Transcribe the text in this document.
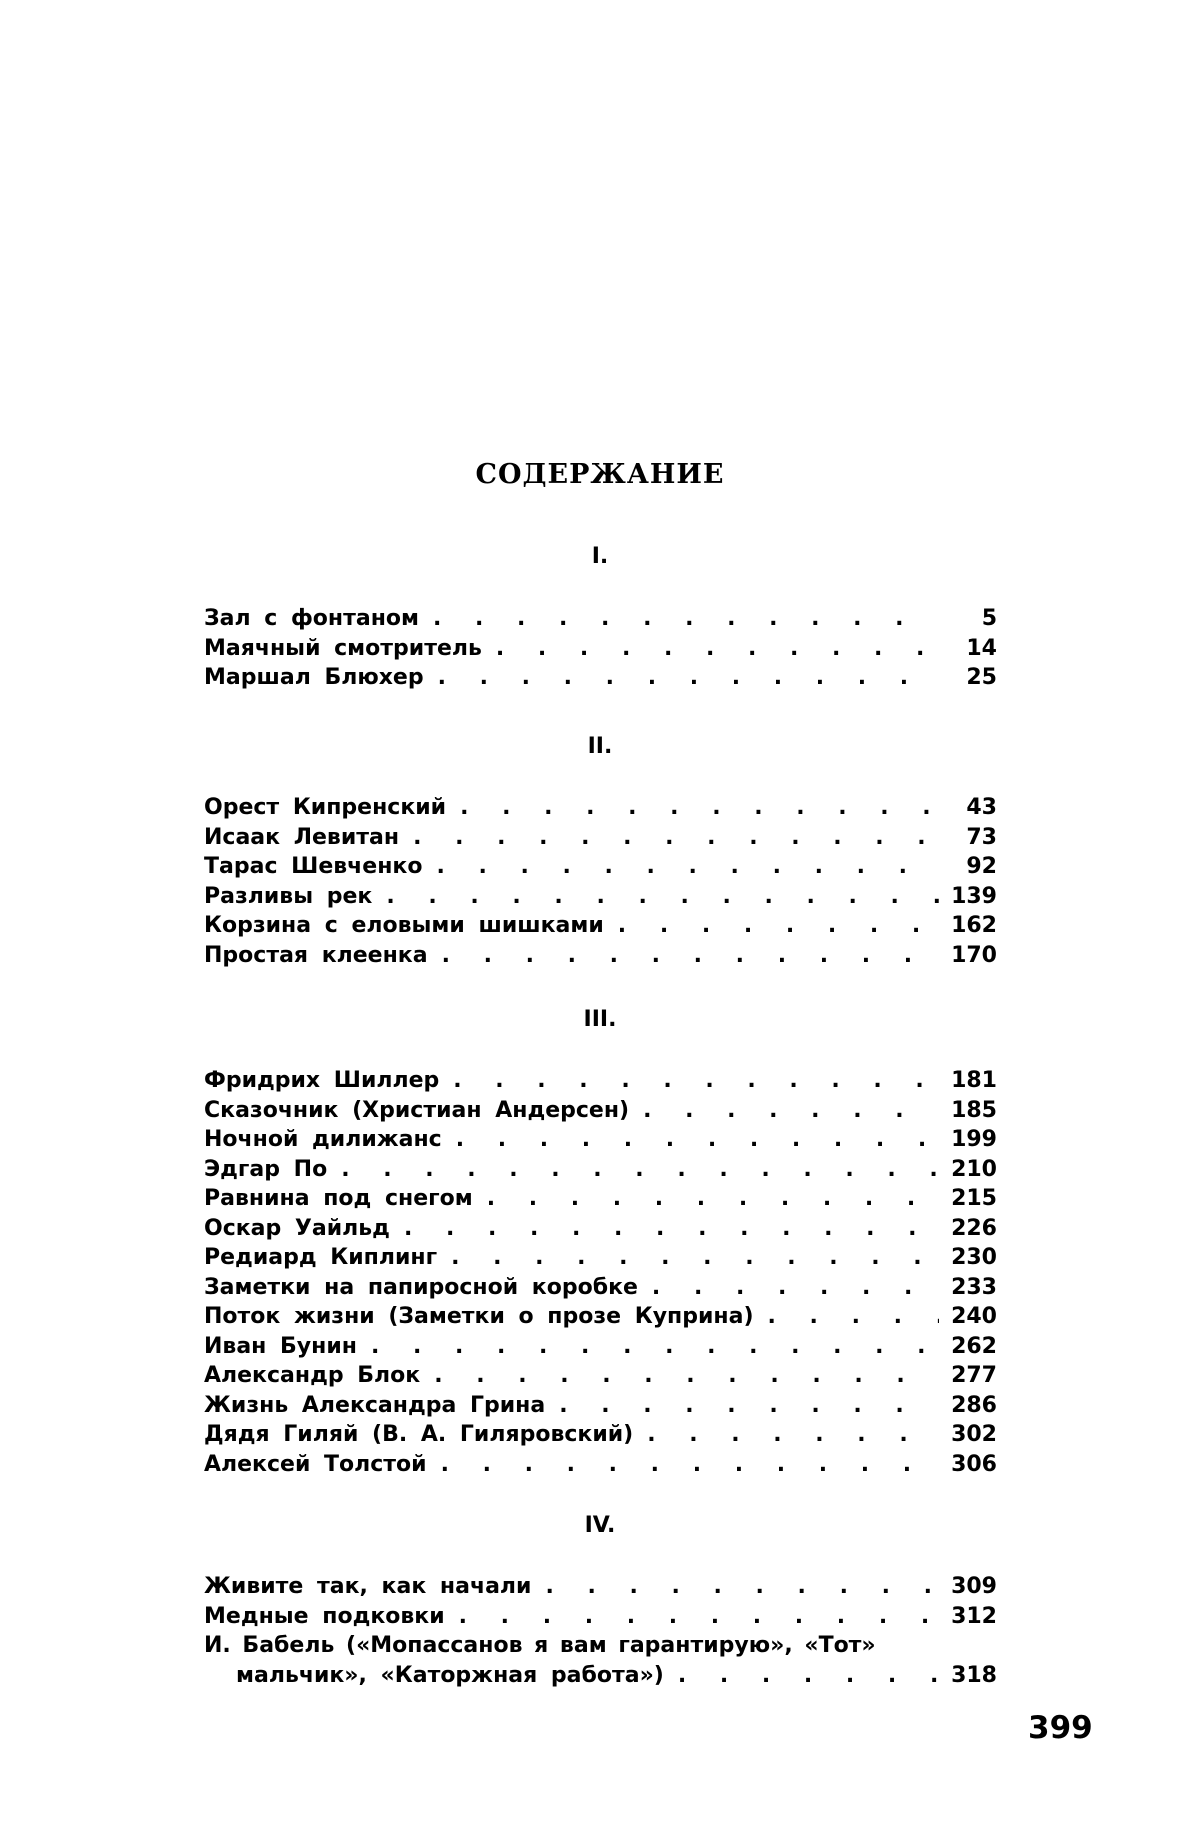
СОДЕРЖАНИЕ
I.
Зал с фонтаном . . .	5
Маячный смотритель . . .	14
Маршал Блюхер . . .	25
II.
Орест Кипренский . . .	43
Исаак Левитан . . .	73
Тарас Шевченко . . .	92
Разливы рек . . .	139
Корзина с еловыми шишками . . .	162
Простая клеенка . . .	170
III.
Фридрих Шиллер . . .	181
Сказочник (Христиан Андерсен) . . .	185
Ночной дилижанс . . .	199
Эдгар По . . .	210
Равнина под снегом . . .	215
Оскар Уайльд . . .	226
Редиард Киплинг . . .	230
Заметки на папиросной коробке . . .	233
Поток жизни (Заметки о прозе Куприна) . . .	240
Иван Бунин . . .	262
Александр Блок . . .	277
Жизнь Александра Грина . . .	286
Дядя Гиляй (В. А. Гиляровский) . . .	302
Алексей Толстой . . .	306
IV.
Живите так, как начали . . .	309
Медные подковки . . .	312
И. Бабель («Мопассанов я вам гарантирую», «Тот»
мальчик», «Каторжная работа») . . .	318
399
